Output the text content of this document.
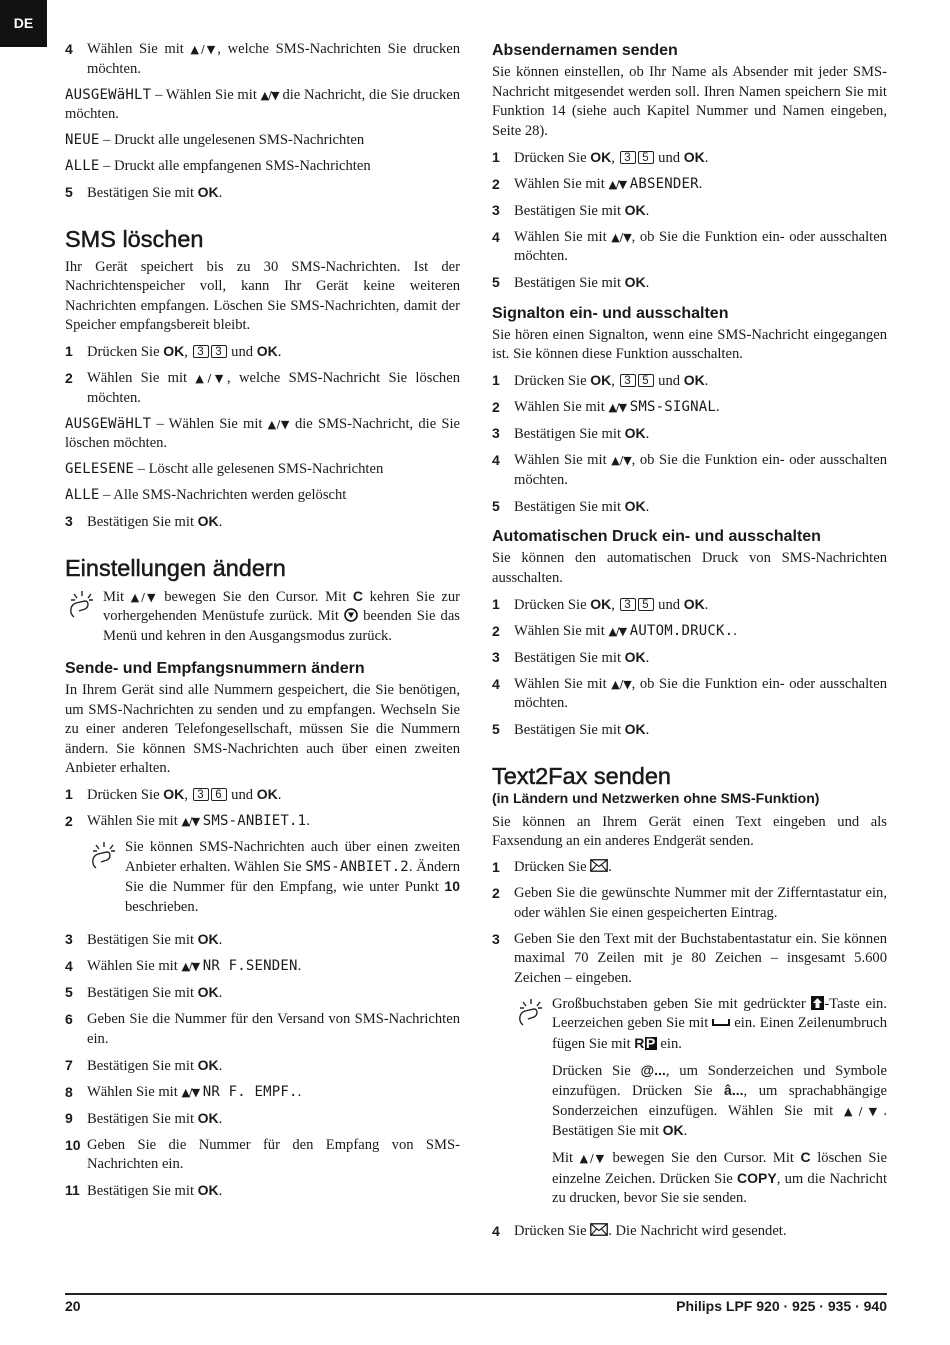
DE
4 Wählen Sie mit ▲/▼, welche SMS-Nachrichten Sie drucken möchten.

AUSGEWäHLT – Wählen Sie mit ▲/▼ die Nachricht, die Sie drucken möchten.

NEUE – Druckt alle ungelesenen SMS-Nachrichten

ALLE – Druckt alle empfangenen SMS-Nachrichten

5 Bestätigen Sie mit OK.
SMS löschen

Ihr Gerät speichert bis zu 30 SMS-Nachrichten. Ist der Nachrichtenspeicher voll, kann Ihr Gerät keine weiteren Nachrichten empfangen. Löschen Sie SMS-Nachrichten, damit der Speicher empfangsbereit bleibt.

1 Drücken Sie OK, 3 3 und OK.
2 Wählen Sie mit ▲/▼, welche SMS-Nachricht Sie löschen möchten.

AUSGEWäHLT – Wählen Sie mit ▲/▼ die SMS-Nachricht, die Sie löschen möchten.

GELESENE – Löscht alle gelesenen SMS-Nachrichten

ALLE – Alle SMS-Nachrichten werden gelöscht

3 Bestätigen Sie mit OK.
Einstellungen ändern

Mit ▲/▼ bewegen Sie den Cursor. Mit C kehren Sie zur vorhergehenden Menüstufe zurück. Mit  beenden Sie das Menü und kehren in den Ausgangsmodus zurück.

Sende- und Empfangsnummern ändern

In Ihrem Gerät sind alle Nummern gespeichert, die Sie benötigen, um SMS-Nachrichten zu senden und zu empfangen. Wechseln Sie zu einer anderen Telefongesellschaft, müssen Sie die Nummern ändern. Sie können SMS-Nachrichten auch über einen zweiten Anbieter erhalten.

1 Drücken Sie OK, 3 6 und OK.
2 Wählen Sie mit ▲/▼ SMS-ANBIET.1.

Sie können SMS-Nachrichten auch über einen zweiten Anbieter erhalten. Wählen Sie SMS-ANBIET.2. Ändern Sie die Nummer für den Empfang, wie unter Punkt 10 beschrieben.

3 Bestätigen Sie mit OK.
4 Wählen Sie mit ▲/▼ NR F.SENDEN.
5 Bestätigen Sie mit OK.
6 Geben Sie die Nummer für den Versand von SMS-Nachrichten ein.
7 Bestätigen Sie mit OK.
8 Wählen Sie mit ▲/▼ NR F. EMPF..
9 Bestätigen Sie mit OK.
10 Geben Sie die Nummer für den Empfang von SMS-Nachrichten ein.
11 Bestätigen Sie mit OK.
Absendernamen senden

Sie können einstellen, ob Ihr Name als Absender mit jeder SMS-Nachricht mitgesendet werden soll. Ihren Namen speichern Sie mit Funktion 14 (siehe auch Kapitel Nummer und Namen eingeben, Seite 28).

1 Drücken Sie OK, 3 5 und OK.
2 Wählen Sie mit ▲/▼ ABSENDER.
3 Bestätigen Sie mit OK.
4 Wählen Sie mit ▲/▼, ob Sie die Funktion ein- oder ausschalten möchten.
5 Bestätigen Sie mit OK.
Signalton ein- und ausschalten

Sie hören einen Signalton, wenn eine SMS-Nachricht eingegangen ist. Sie können diese Funktion ausschalten.

1 Drücken Sie OK, 3 5 und OK.
2 Wählen Sie mit ▲/▼ SMS-SIGNAL.
3 Bestätigen Sie mit OK.
4 Wählen Sie mit ▲/▼, ob Sie die Funktion ein- oder ausschalten möchten.
5 Bestätigen Sie mit OK.
Automatischen Druck ein- und ausschalten

Sie können den automatischen Druck von SMS-Nachrichten ausschalten.

1 Drücken Sie OK, 3 5 und OK.
2 Wählen Sie mit ▲/▼ AUTOM.DRUCK..
3 Bestätigen Sie mit OK.
4 Wählen Sie mit ▲/▼, ob Sie die Funktion ein- oder ausschalten möchten.
5 Bestätigen Sie mit OK.
Text2Fax senden
(in Ländern und Netzwerken ohne SMS-Funktion)

Sie können an Ihrem Gerät einen Text eingeben und als Faxsendung an ein anderes Endgerät senden.

1 Drücken Sie .
2 Geben Sie die gewünschte Nummer mit der Zifferntastatur ein, oder wählen Sie einen gespeicherten Eintrag.
3 Geben Sie den Text mit der Buchstabentastatur ein. Sie können maximal 70 Zeilen mit je 80 Zeichen – insgesamt 5.600 Zeichen – eingeben.

Großbuchstaben geben Sie mit gedrückter -Taste ein. Leerzeichen geben Sie mit  ein. Einen Zeilenumbruch fügen Sie mit RP ein.

Drücken Sie @..., um Sonderzeichen und Symbole einzufügen. Drücken Sie â..., um sprachabhängige Sonderzeichen einzufügen. Wählen Sie mit ▲/▼. Bestätigen Sie mit OK.

Mit ▲/▼ bewegen Sie den Cursor. Mit C löschen Sie einzelne Zeichen. Drücken Sie COPY, um die Nachricht zu drucken, bevor Sie sie senden.

4 Drücken Sie . Die Nachricht wird gesendet.
20	Philips LPF 920 · 925 · 935 · 940
